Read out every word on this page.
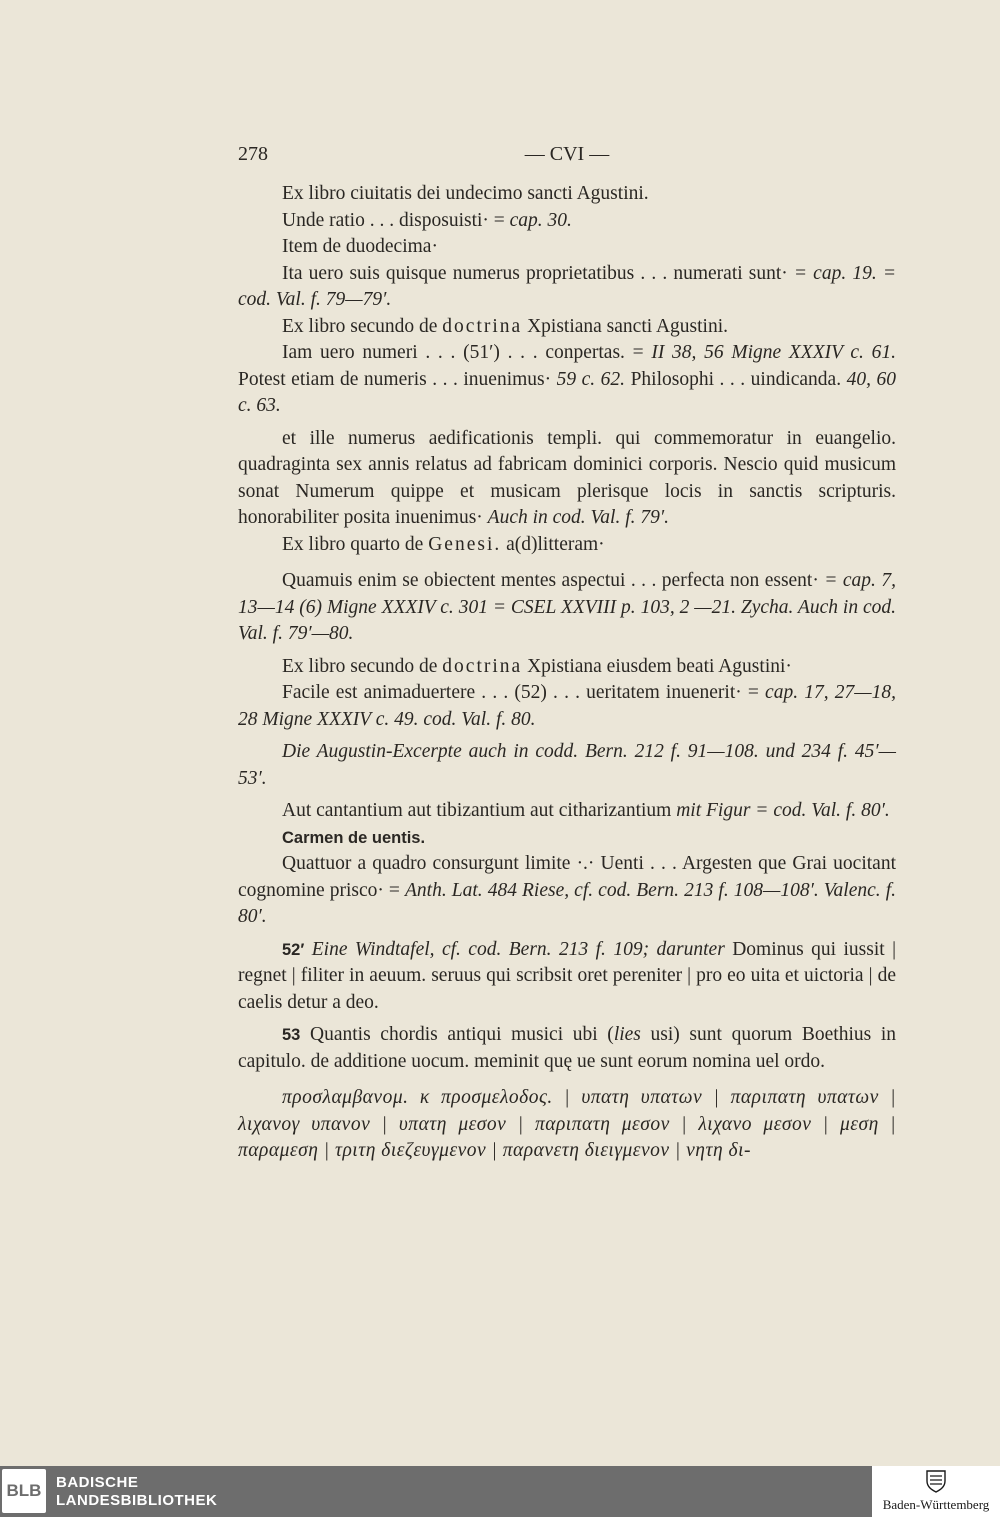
278	— CVI —

Ex libro ciuitatis dei undecimo sancti Agustini.

Unde ratio . . . disposuisti· = cap. 30.

Item de duodecima·

Ita uero suis quisque numerus proprietatibus . . . numerati sunt· = cap. 19. = cod. Val. f. 79—79′.

Ex libro secundo de doctrina Xpistiana sancti Agustini.

Iam uero numeri . . . (51′) . . . conpertas. = II 38, 56 Migne XXXIV c. 61. Potest etiam de numeris . . . inuenimus· 59 c. 62. Philosophi . . . uindicanda. 40, 60 c. 63.

et ille numerus aedificationis templi. qui commemoratur in euangelio. quadraginta sex annis relatus ad fabricam dominici corporis. Nescio quid musicum sonat Numerum quippe et musicam plerisque locis in sanctis scripturis. honorabiliter posita inuenimus· Auch in cod. Val. f. 79′.

Ex libro quarto de Genesi. a(d)litteram·

Quamuis enim se obiectent mentes aspectui . . . perfecta non essent· = cap. 7, 13—14 (6) Migne XXXIV c. 301 = CSEL XXVIII p. 103, 2 —21. Zycha. Auch in cod. Val. f. 79′—80.

Ex libro secundo de doctrina Xpistiana eiusdem beati Agustini·

Facile est animaduertere . . . (52) . . . ueritatem inuenerit· = cap. 17, 27—18, 28 Migne XXXIV c. 49. cod. Val. f. 80.

Die Augustin-Excerpte auch in codd. Bern. 212 f. 91—108. und 234 f. 45′—53′.

Aut cantantium aut tibizantium aut citharizantium mit Figur = cod. Val. f. 80′.

Carmen de uentis.

Quattuor a quadro consurgunt limite ·.· Uenti . . . Argesten que Grai uocitant cognomine prisco· = Anth. Lat. 484 Riese, cf. cod. Bern. 213 f. 108—108′. Valenc. f. 80′.

52′ Eine Windtafel, cf. cod. Bern. 213 f. 109; darunter Dominus qui iussit | regnet | filiter in aeuum. seruus qui scribsit oret pereniter | pro eo uita et uictoria | de caelis detur a deo.

53 Quantis chordis antiqui musici ubi (lies usi) sunt quorum Boethius in capitulo. de additione uocum. meminit quę ue sunt eorum nomina uel ordo.

προσλαμβανομ. κ προσμελοδος. | υπατη υπατων | παριπατη υπατων | λιχανογ υπανον | υπατη μεσον | παριπατη μεσον | λιχανο μεσον | μεση | παραμεση | τριτη διεζευγμενον | παρανετη διειγμενον | νητη δι-

BLB BADISCHE
LANDESBIBLIOTHEK	Baden-Württemberg
